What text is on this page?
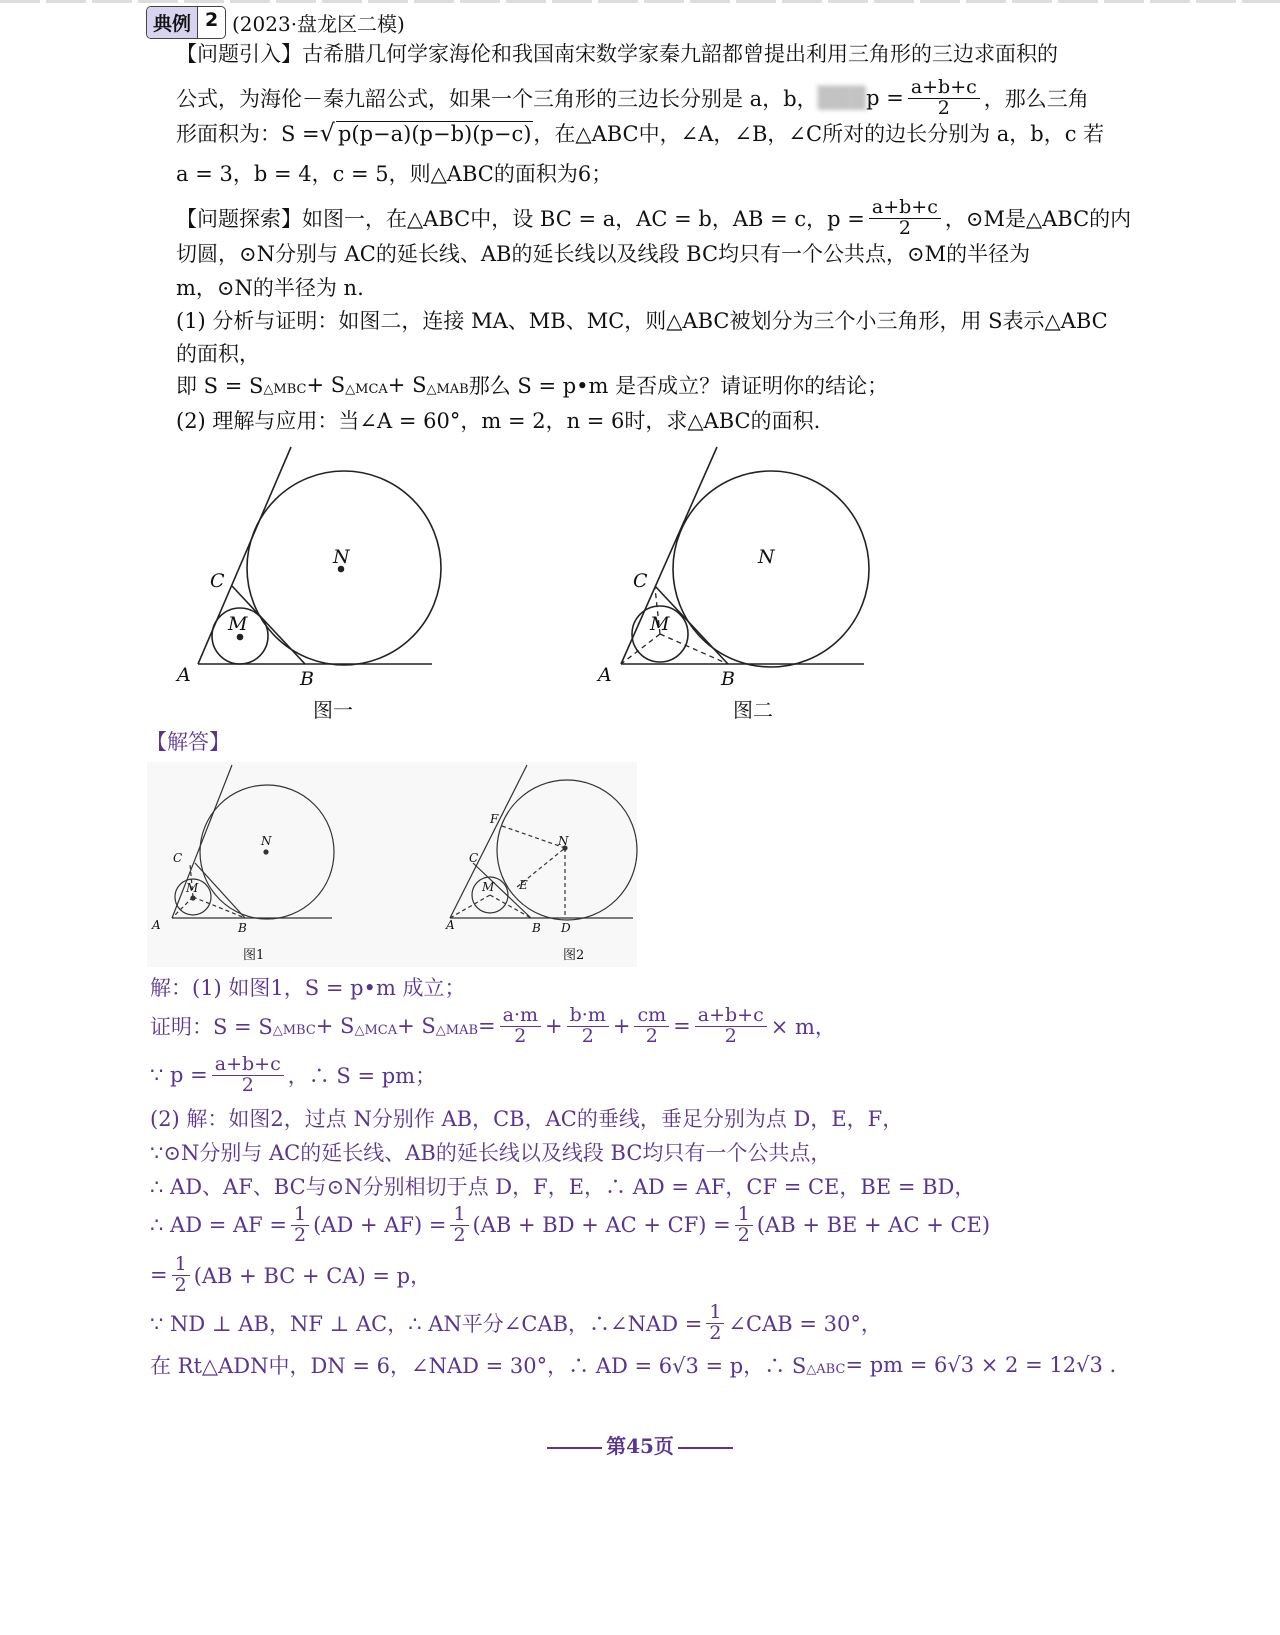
典例 2 (2023·盘龙区二模)
【问题引入】古希腊几何学家海伦和我国南宋数学家秦九韶都曾提出利用三角形的三边求面积的
公式，为海伦－秦九韶公式，如果一个三角形的三边长分别是 a，b， ▒▒▒ $p = \frac{a+b+c}{2}$ ，那么三角
形面积为：S = √ p(p−a)(p−b)(p−c) ，在△ABC中，∠A，∠B，∠C所对的边长分别为 a，b，c 若
a = 3，b = 4，c = 5，则△ABC的面积为6；
【问题探索】如图一，在△ABC中，设 BC = a，AC = b，AB = c，$p = \frac{a+b+c}{2}$ ，⊙M是△ABC的内
切圆，⊙N分别与 AC的延长线、AB的延长线以及线段 BC均只有一个公共点，⊙M的半径为
m，⊙N的半径为 n.
(1) 分析与证明：如图二，连接 MA、MB、MC，则△ABC被划分为三个小三角形，用 S表示△ABC
的面积，
即 $S = S_{\triangle MBC} + S_{\triangle MCA} + S_{\triangle MAB}$ 那么 S = p•m 是否成立？请证明你的结论；
(2) 理解与应用：当∠A = 60°，m = 2，n = 6时，求△ABC的面积.
A	B
C
M
N
A	B
C
M
N
图一	图二
【解答】
A	B
C
M
N
A	B D
C
M
N
E
F
图1	图2
解：(1) 如图1，S = p•m 成立；
证明：$S = S_{\triangle MBC} + S_{\triangle MCA} + S_{\triangle MAB} = \frac{a\cdot m}{2} + \frac{b\cdot m}{2} + \frac{cm}{2} = \frac{a+b+c}{2} \times m$，
∵ $p = \frac{a+b+c}{2}$ ，∴ S = pm；
(2) 解：如图2，过点 N分别作 AB，CB，AC的垂线，垂足分别为点 D，E，F，
∵⊙N分别与 AC的延长线、AB的延长线以及线段 BC均只有一个公共点，
∴ AD、AF、BC与⊙N分别相切于点 D，F，E，∴ AD = AF，CF = CE，BE = BD，
∴ AD = AF = $\frac{1}{2} (AD + AF) = \frac{1}{2} (AB$ + BD + AC + $CF) = \frac{1}{2} (AB$ + BE + AC + CE)
= $\frac{1}{2} (AB$ + BC + CA) = p，
∵ ND ⊥ AB，NF ⊥ AC，∴ AN平分∠CAB，∴∠NAD = $\frac{1}{2}$ ∠CAB = 30°，
在 Rt△ADN中，DN = 6，∠NAD = 30°，∴ AD = 6√3 = p，∴ $S_{\triangle ABC}$ = pm = 6√3 × 2 = 12√3 .
第45页
